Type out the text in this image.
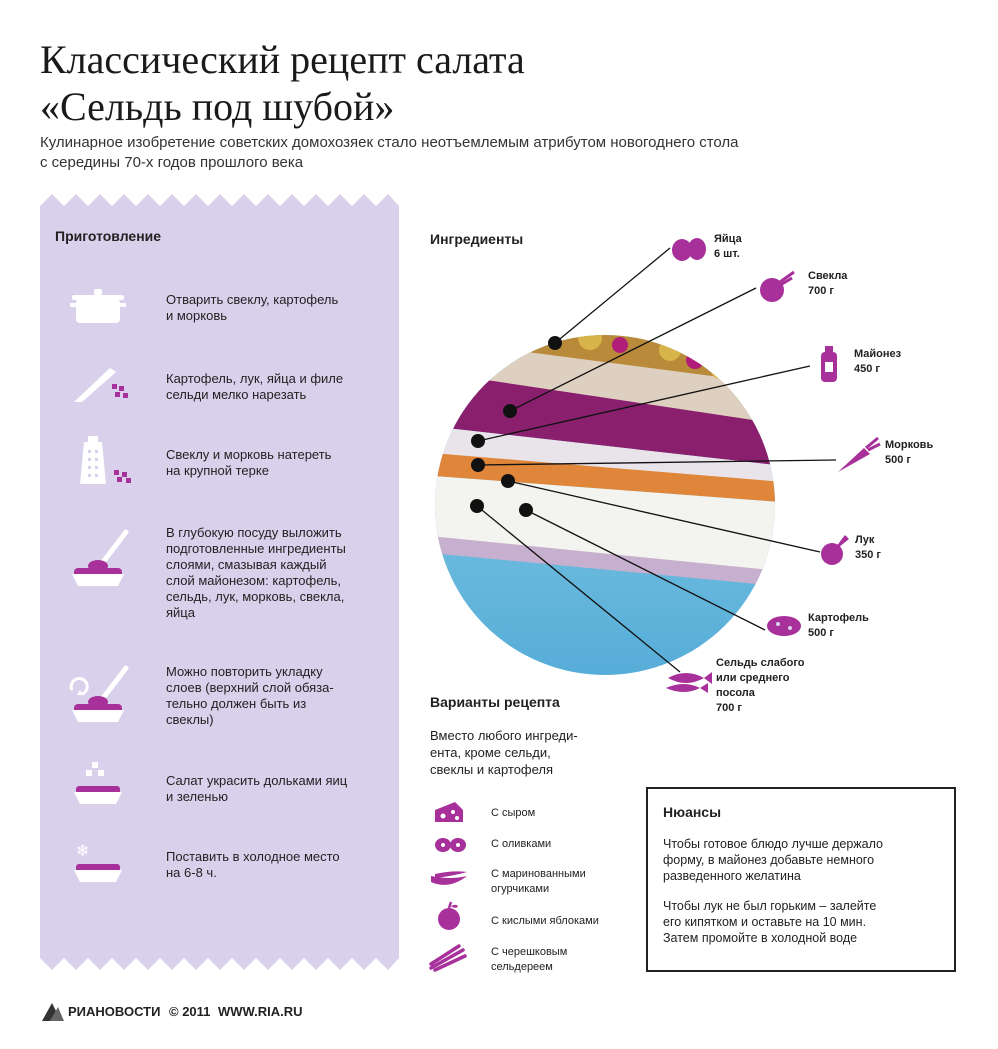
Классический рецепт салата
«Сельдь под шубой»
Кулинарное изобретение советских домохозяек стало неотъемлемым атрибутом новогоднего стола
с середины 70-х годов прошлого века
Приготовление
❄
Отварить свеклу, картофель
и морковь
Картофель, лук, яйца и филе
сельди мелко нарезать
Свеклу и морковь натереть
на крупной терке
В глубокую посуду выложить
подготовленные ингредиенты
слоями, смазывая каждый
слой майонезом: картофель,
сельдь, лук, морковь, свекла,
яйца
Можно повторить укладку
слоев (верхний слой обяза-
тельно должен быть из
свеклы)
Салат украсить дольками яиц
и зеленью
Поставить в холодное место
на 6-8 ч.
Ингредиенты	Яйца
6 шт.
Свекла
700 г
Майонез
450 г
Морковь
500 г
Лук
350 г
Картофель
500 г
Сельдь слабого
или среднего
посола
700 г
Варианты рецепта
Вместо любого ингреди-
ента, кроме сельди,
свеклы и картофеля
С сыром
С оливками
С маринованными
огурчиками
С кислыми яблоками
С черешковым
сельдереем
Нюансы
Чтобы готовое блюдо лучше держало
форму, в майонез добавьте немного
разведенного желатина
Чтобы лук не был горьким – залейте
его кипятком и оставьте на 10 мин.
Затем промойте в холодной воде
РИАНОВОСТИ © 2011 WWW.RIA.RU
